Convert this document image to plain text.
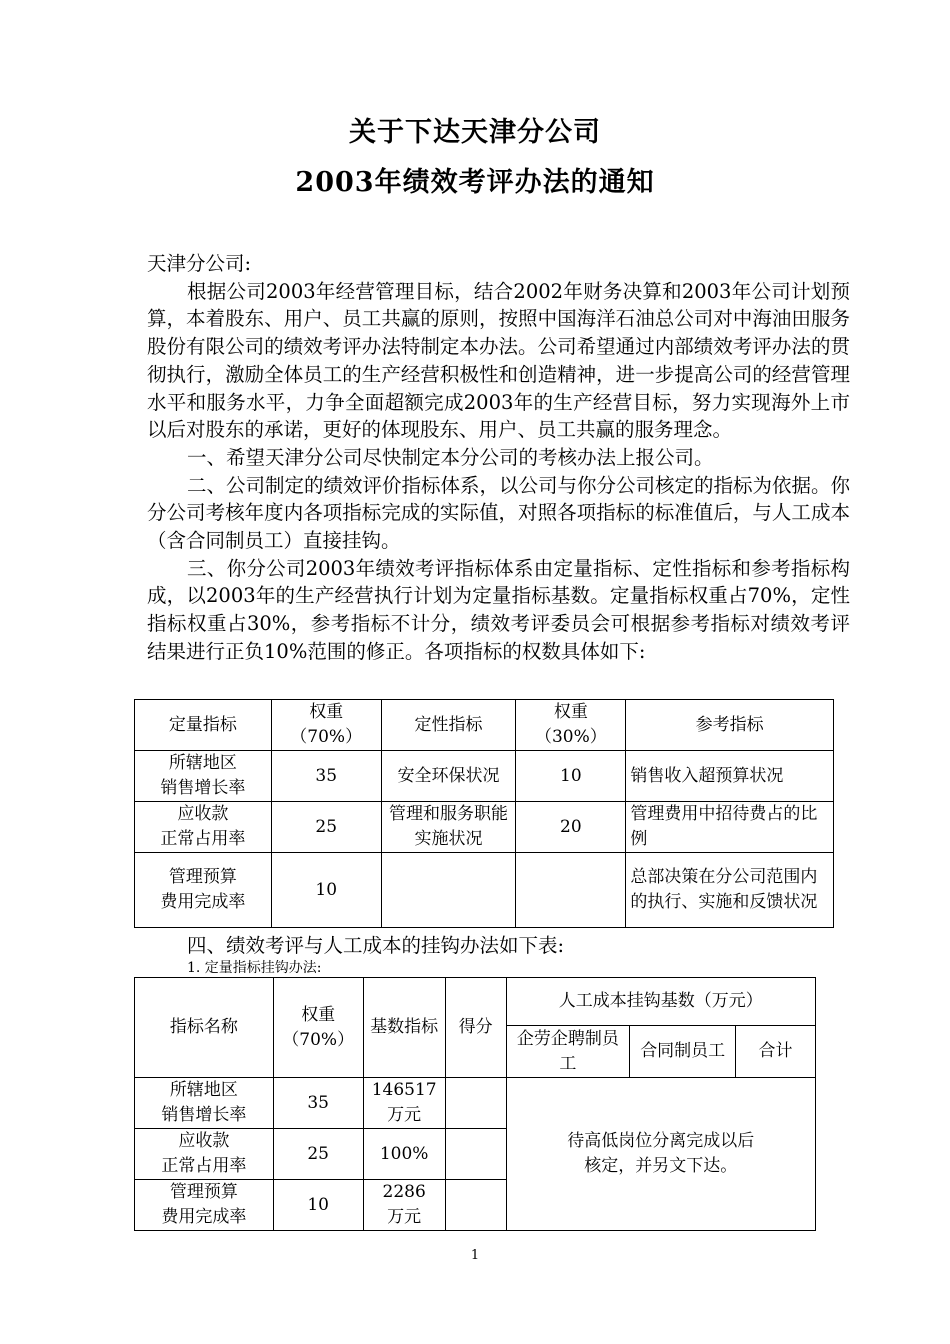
关于下达天津分公司
2003年绩效考评办法的通知

天津分公司:

根据公司2003年经营管理目标，结合2002年财务决算和2003年公司计划预算，本着股东、用户、员工共赢的原则，按照中国海洋石油总公司对中海油田服务股份有限公司的绩效考评办法特制定本办法。公司希望通过内部绩效考评办法的贯彻执行，激励全体员工的生产经营积极性和创造精神，进一步提高公司的经营管理水平和服务水平，力争全面超额完成2003年的生产经营目标，努力实现海外上市以后对股东的承诺，更好的体现股东、用户、员工共赢的服务理念。

一、希望天津分公司尽快制定本分公司的考核办法上报公司。

二、公司制定的绩效评价指标体系，以公司与你分公司核定的指标为依据。你分公司考核年度内各项指标完成的实际值，对照各项指标的标准值后，与人工成本（含合同制员工）直接挂钩。

三、你分公司2003年绩效考评指标体系由定量指标、定性指标和参考指标构成，以2003年的生产经营执行计划为定量指标基数。定量指标权重占70%，定性指标权重占30%，参考指标不计分，绩效考评委员会可根据参考指标对绩效考评结果进行正负10%范围的修正。各项指标的权数具体如下:

定量指标	权重
（70%）	定性指标	权重
（30%）	参考指标
所辖地区
销售增长率	35	安全环保状况	10	销售收入超预算状况
应收款
正常占用率	25	管理和服务职能实施状况	20	管理费用中招待费占的比例
管理预算
费用完成率	10			总部决策在分公司范围内的执行、实施和反馈状况
四、绩效考评与人工成本的挂钩办法如下表:
1. 定量指标挂钩办法:
指标名称	权重（70%）	基数指标	得分	人工成本挂钩基数（万元）		
				企劳企聘制员工	合同制员工	合计
所辖地区
销售增长率	35	146517
万元		待高低岗位分离完成以后
核定，并另文下达。		
应收款
正常占用率	25	100%				
管理预算
费用完成率	10	2286
万元				
1
